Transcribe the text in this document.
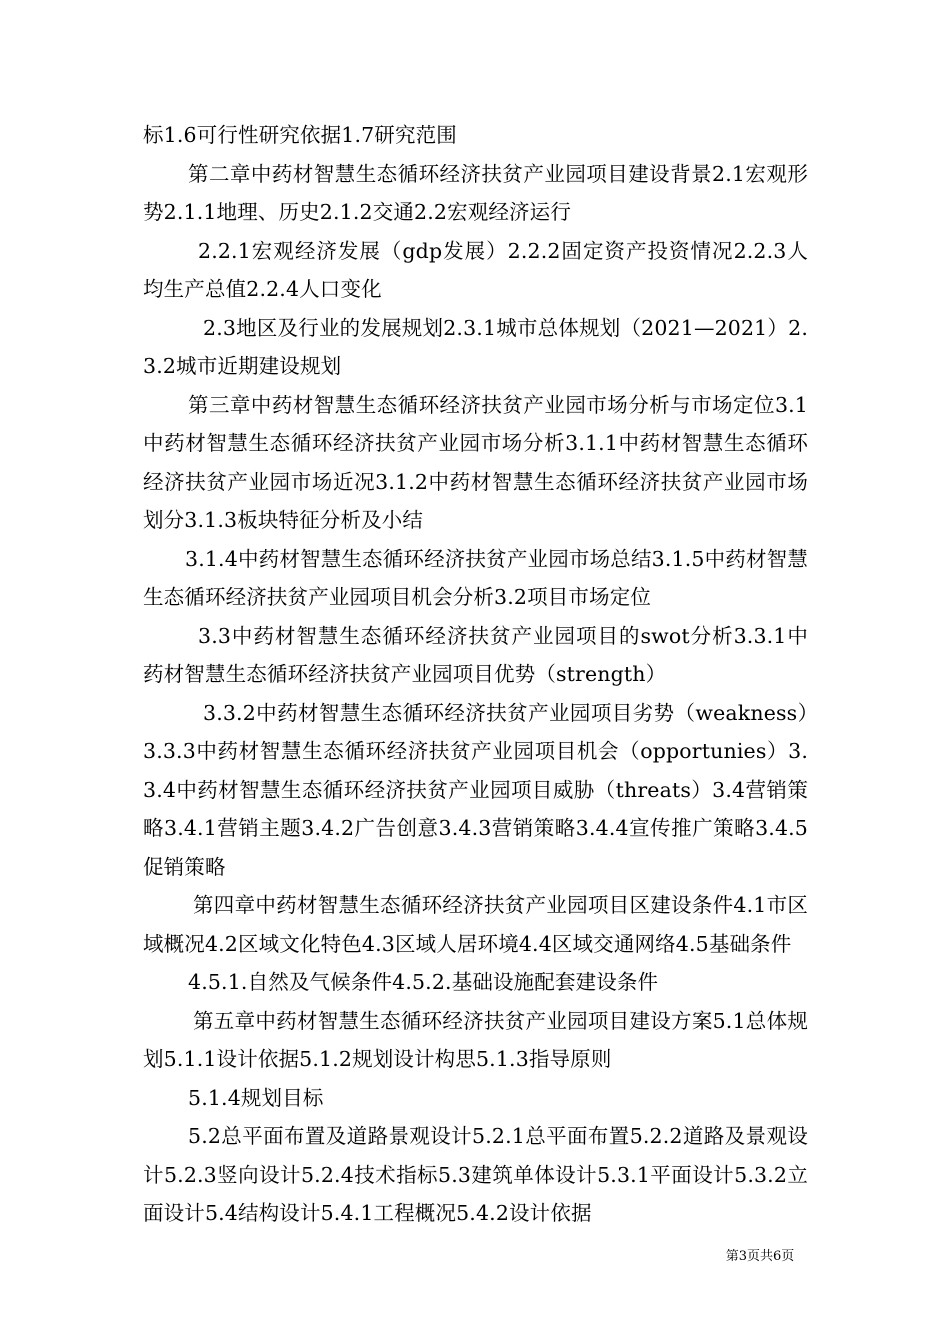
标1.6可行性研究依据1.7研究范围

第二章中药材智慧生态循环经济扶贫产业园项目建设背景2.1宏观形势2.1.1地理、历史2.1.2交通2.2宏观经济运行

2.2.1宏观经济发展（gdp发展）2.2.2固定资产投资情况2.2.3人均生产总值2.2.4人口变化

2.3地区及行业的发展规划2.3.1城市总体规划（2021—2021）2.3.2城市近期建设规划

第三章中药材智慧生态循环经济扶贫产业园市场分析与市场定位3.1中药材智慧生态循环经济扶贫产业园市场分析3.1.1中药材智慧生态循环经济扶贫产业园市场近况3.1.2中药材智慧生态循环经济扶贫产业园市场划分3.1.3板块特征分析及小结

3.1.4中药材智慧生态循环经济扶贫产业园市场总结3.1.5中药材智慧生态循环经济扶贫产业园项目机会分析3.2项目市场定位

3.3中药材智慧生态循环经济扶贫产业园项目的swot分析3.3.1中药材智慧生态循环经济扶贫产业园项目优势（strength）

3.3.2中药材智慧生态循环经济扶贫产业园项目劣势（weakness）3.3.3中药材智慧生态循环经济扶贫产业园项目机会（opportunies）3.3.4中药材智慧生态循环经济扶贫产业园项目威胁（threats）3.4营销策略3.4.1营销主题3.4.2广告创意3.4.3营销策略3.4.4宣传推广策略3.4.5促销策略

第四章中药材智慧生态循环经济扶贫产业园项目区建设条件4.1市区域概况4.2区域文化特色4.3区域人居环境4.4区域交通网络4.5基础条件

4.5.1.自然及气候条件4.5.2.基础设施配套建设条件

第五章中药材智慧生态循环经济扶贫产业园项目建设方案5.1总体规划5.1.1设计依据5.1.2规划设计构思5.1.3指导原则

5.1.4规划目标

5.2总平面布置及道路景观设计5.2.1总平面布置5.2.2道路及景观设计5.2.3竖向设计5.2.4技术指标5.3建筑单体设计5.3.1平面设计5.3.2立面设计5.4结构设计5.4.1工程概况5.4.2设计依据

第3页共6页
